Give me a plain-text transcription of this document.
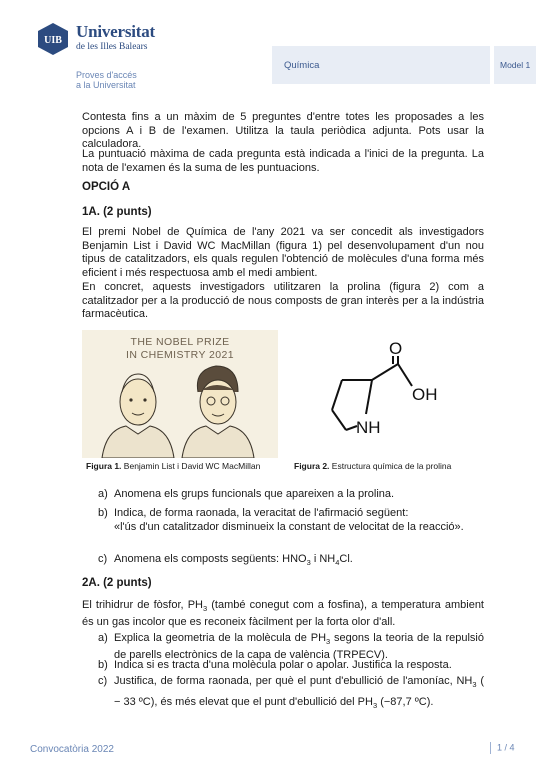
UIB Universitat
de les Illes Balears
Proves d'accés
a la Universitat
Química	Model 1

Contesta fins a un màxim de 5 preguntes d'entre totes les proposades a les opcions A i B de l'examen. Utilitza la taula periòdica adjunta. Pots usar la calculadora.

La puntuació màxima de cada pregunta està indicada a l'inici de la pregunta. La nota de l'examen és la suma de les puntuacions.

OPCIÓ A

1A. (2 punts)

El premi Nobel de Química de l'any 2021 va ser concedit als investigadors Benjamin List i David WC MacMillan (figura 1) pel desenvolupament d'un nou tipus de catalitzadors, els quals regulen l'obtenció de molècules d'una forma més eficient i més respectuosa amb el medi ambient.

En concret, aquests investigadors utilitzaren la prolina (figura 2) com a catalitzador per a la producció de nous composts de gran interès per a la indústria farmacèutica.

THE NOBEL PRIZE
IN CHEMISTRY 2021	O
OH
NH
Figura 1. Benjamin List i David WC MacMillan	Figura 2. Estructura química de la prolina
a) Anomena els grups funcionals que apareixen a la prolina.
b) Indica, de forma raonada, la veracitat de l'afirmació següent:
«l'ús d'un catalitzador disminueix la constant de velocitat de la reacció».
c) Anomena els composts següents: $HNO_3$ i $NH_4Cl$.

2A. (2 punts)

El trihidrur de fòsfor, $PH_3$ (també conegut com a fosfina), a temperatura ambient és un gas incolor que es reconeix fàcilment per la forta olor d'all.

a) Explica la geometria de la molècula de $PH_3$ segons la teoria de la repulsió de parells electrònics de la capa de valència (TRPECV).
b) Indica si es tracta d'una molècula polar o apolar. Justifica la resposta.
c) Justifica, de forma raonada, per què el punt d'ebullició de l'amoníac, $NH_3$ ( − 33 ºC), és més elevat que el punt d'ebullició del $PH_3$ (−87,7 ºC).
Convocatòria 2022	1 / 4
